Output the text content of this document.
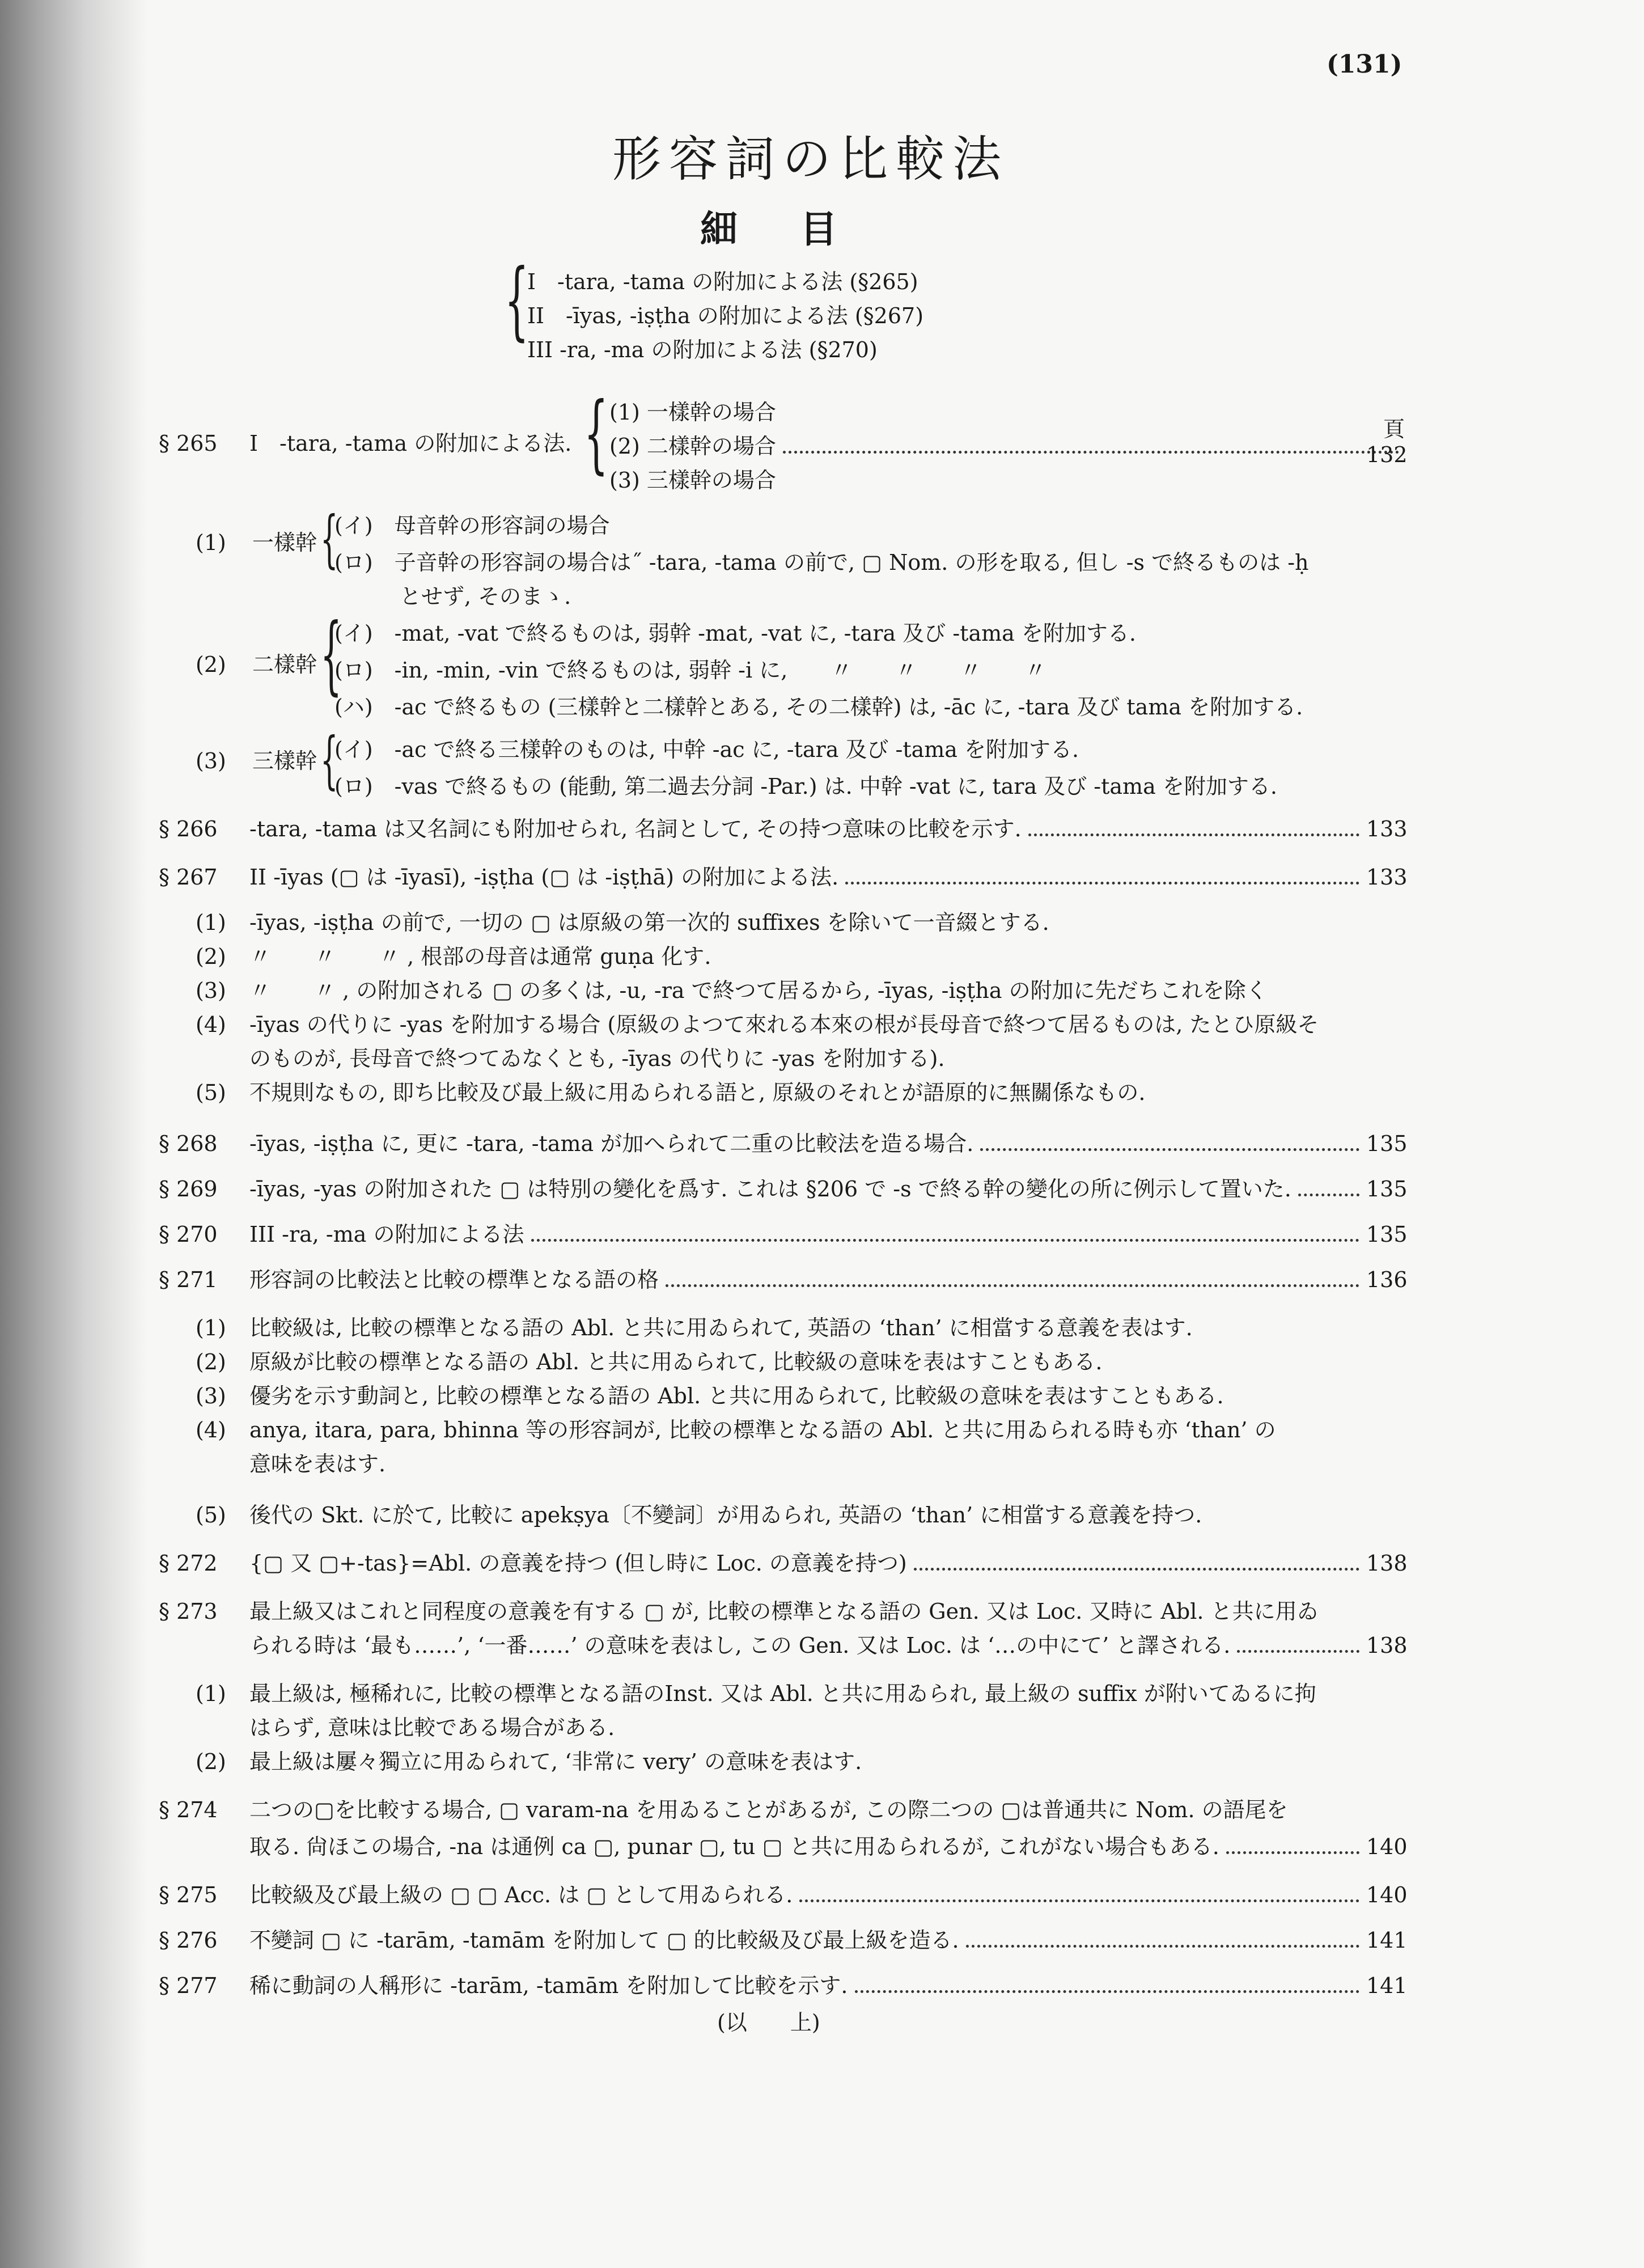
(131)
形容詞の比較法
細目
{
I　-tara, -tama の附加による法 (§265)
II　-īyas, -iṣṭha の附加による法 (§267)
III -ra, -ma の附加による法 (§270)
頁
{
§ 265 I　-tara, -tama の附加による法.
(1) 一樣幹の場合
(2) 二樣幹の場合	132
(3) 三樣幹の場合
(1) 一樣幹 {
(イ)　母音幹の形容詞の場合
(ロ)　子音幹の形容詞の場合は˝ -tara, -tama の前で, ▢ Nom. の形を取る, 但し -s で終るものは -ḥ
とせず, そのまゝ.
(2) 二樣幹 {
(イ)　-mat, -vat で終るものは, 弱幹 -mat, -vat に, -tara 及び -tama を附加する.
(ロ)　-in, -min, -vin で終るものは, 弱幹 -i に,　　〃　　〃　　〃　　〃
(ハ)　-ac で終るもの (三樣幹と二樣幹とある, その二樣幹) は, -āc に, -tara 及び tama を附加する.
(3) 三樣幹 {
(イ)　-ac で終る三樣幹のものは, 中幹 -ac に, -tara 及び -tama を附加する.
(ロ)　-vas で終るもの (能動, 第二過去分詞 -Par.) は. 中幹 -vat に, tara 及び -tama を附加する.
§ 266 -tara, -tama は又名詞にも附加せられ, 名詞として, その持つ意味の比較を示す.	133
§ 267 II -īyas (▢ は -īyasī), -iṣṭha (▢ は -iṣṭhā) の附加による法.	133
(1) -īyas, -iṣṭha の前で, 一切の ▢ は原級の第一次的 suffixes を除いて一音綴とする.
(2) 〃　　〃　　〃 , 根部の母音は通常 guṇa 化す.
(3) 〃　　〃 , の附加される ▢ の多くは, -u, -ra で終つて居るから, -īyas, -iṣṭha の附加に先だちこれを除く
(4) -īyas の代りに -yas を附加する場合 (原級のよつて來れる本來の根が長母音で終つて居るものは, たとひ原級そ
のものが, 長母音で終つてゐなくとも, -īyas の代りに -yas を附加する).
(5) 不規則なもの, 即ち比較及び最上級に用ゐられる語と, 原級のそれとが語原的に無關係なもの.
§ 268 -īyas, -iṣṭha に, 更に -tara, -tama が加へられて二重の比較法を造る場合.	135
§ 269 -īyas, -yas の附加された ▢ は特別の變化を爲す. これは §206 で -s で終る幹の變化の所に例示して置いた.	135
§ 270 III -ra, -ma の附加による法	135
§ 271 形容詞の比較法と比較の標準となる語の格	136
(1) 比較級は, 比較の標準となる語の Abl. と共に用ゐられて, 英語の ‘than’ に相當する意義を表はす.
(2) 原級が比較の標準となる語の Abl. と共に用ゐられて, 比較級の意味を表はすこともある.
(3) 優劣を示す動詞と, 比較の標準となる語の Abl. と共に用ゐられて, 比較級の意味を表はすこともある.
(4) anya, itara, para, bhinna 等の形容詞が, 比較の標準となる語の Abl. と共に用ゐられる時も亦 ‘than’ の
意味を表はす.
(5) 後代の Skt. に於て, 比較に apekṣya〔不變詞〕が用ゐられ, 英語の ‘than’ に相當する意義を持つ.
§ 272 {▢ 又 ▢+-tas}=Abl. の意義を持つ (但し時に Loc. の意義を持つ)	138
§ 273 最上級又はこれと同程度の意義を有する ▢ が, 比較の標準となる語の Gen. 又は Loc. 又時に Abl. と共に用ゐ
られる時は ‘最も……’, ‘一番……’ の意味を表はし, この Gen. 又は Loc. は ‘…の中にて’ と譯される.	138
(1) 最上級は, 極稀れに, 比較の標準となる語のInst. 又は Abl. と共に用ゐられ, 最上級の suffix が附いてゐるに拘
はらず, 意味は比較である場合がある.
(2) 最上級は屢々獨立に用ゐられて, ‘非常に very’ の意味を表はす.
§ 274 二つの▢を比較する場合, ▢ varam-na を用ゐることがあるが, この際二つの ▢は普通共に Nom. の語尾を
取る. 尙ほこの場合, -na は通例 ca ▢, punar ▢, tu ▢ と共に用ゐられるが, これがない場合もある.	140
§ 275 比較級及び最上級の ▢ ▢ Acc. は ▢ として用ゐられる.	140
§ 276 不變詞 ▢ に -tarām, -tamām を附加して ▢ 的比較級及び最上級を造る.	141
§ 277 稀に動詞の人稱形に -tarām, -tamām を附加して比較を示す.	141
(以　　上)
